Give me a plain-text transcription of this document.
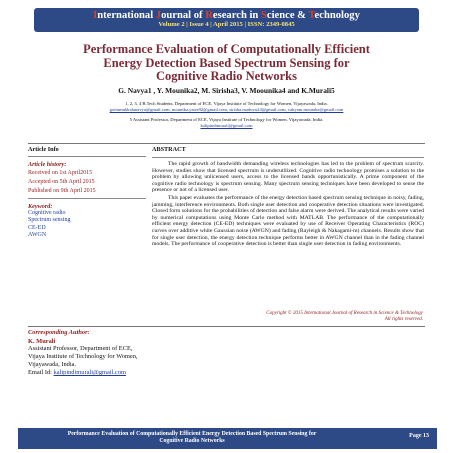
International Journal of Research in Science & Technology
Volume 2 | Issue 4 | April 2015 | ISSN: 2349-0845
Performance Evaluation of Computationally Efficient
Energy Detection Based Spectrum Sensing for
Cognitive Radio Networks
G. Navya1 , Y. Mounika2, M. Sirisha3, V. Moounika4 and K.Murali5
1, 2, 3, 4 B.Tech Students, Department of ECE, Vijaya Institute of Technology for Women, Vijayawada, India.
gottumukkalanavya@gmail.com, mounika.yarra92@gmail.com, sirisha.maduvu24@gmail.com, vakyam.mounika@gmail.com
5 Assistant Professor, Department of ECE, Vijaya Institute of Technology for Women, Vijayawada, India.
kalipindimurali@gmail.com
Article Info
Article history:
Received on 1st April2015
Accepted on 5th April 2015
Published on 9th April 2015
Keyword:
Cognitive radio
Spectrum sensing
CE-ED
AWGN
ABSTRACT

The rapid growth of bandwidth demanding wireless technologies has led to the problem of spectrum scarcity. However, studies show that licensed spectrum is underutilized. Cognitive radio technology promises a solution to the problem by allowing unlicensed users, access to the licensed bands opportunistically. A prime component of the cognitive radio technology is spectrum sensing. Many spectrum sensing techniques have been developed to sense the presence or not of a licensed user.

This paper evaluates the performance of the energy detection based spectrum sensing technique in noisy, fading, jamming, interference environments. Both single user detection and cooperative detection situations were investigated. Closed form solutions for the probabilities of detection and false alarm were derived. The analytical results were varied by numerical computations using Monte Carlo method with MATLAB. The performance of the computationally efficient energy detection (CE-ED) techniques were evaluated by use of Receiver Operating Characteristics (ROC) curves over additive white Gaussian noise (AWGN) and fading (Rayleigh & Nakagami-m) channels. Results show that for single user detection, the energy detection technique performs better in AWGN channel than in the fading channel models. The performance of cooperative detection is better than single user detection in fading environments.

Copyright © 2015 International Journal of Research in Science & Technology
All rights reserved.
Corresponding Author:
K. Murali
Assistant Professor, Department of ECE,
Vijaya Institute of Technology for Women,
Vijayawada, India.
Email Id: kalipindimurali@gmail.com
Performance Evaluation of Computationally Efficient Energy Detection Based Spectrum Sensing for
Cognitive Radio Networks
Page 13
